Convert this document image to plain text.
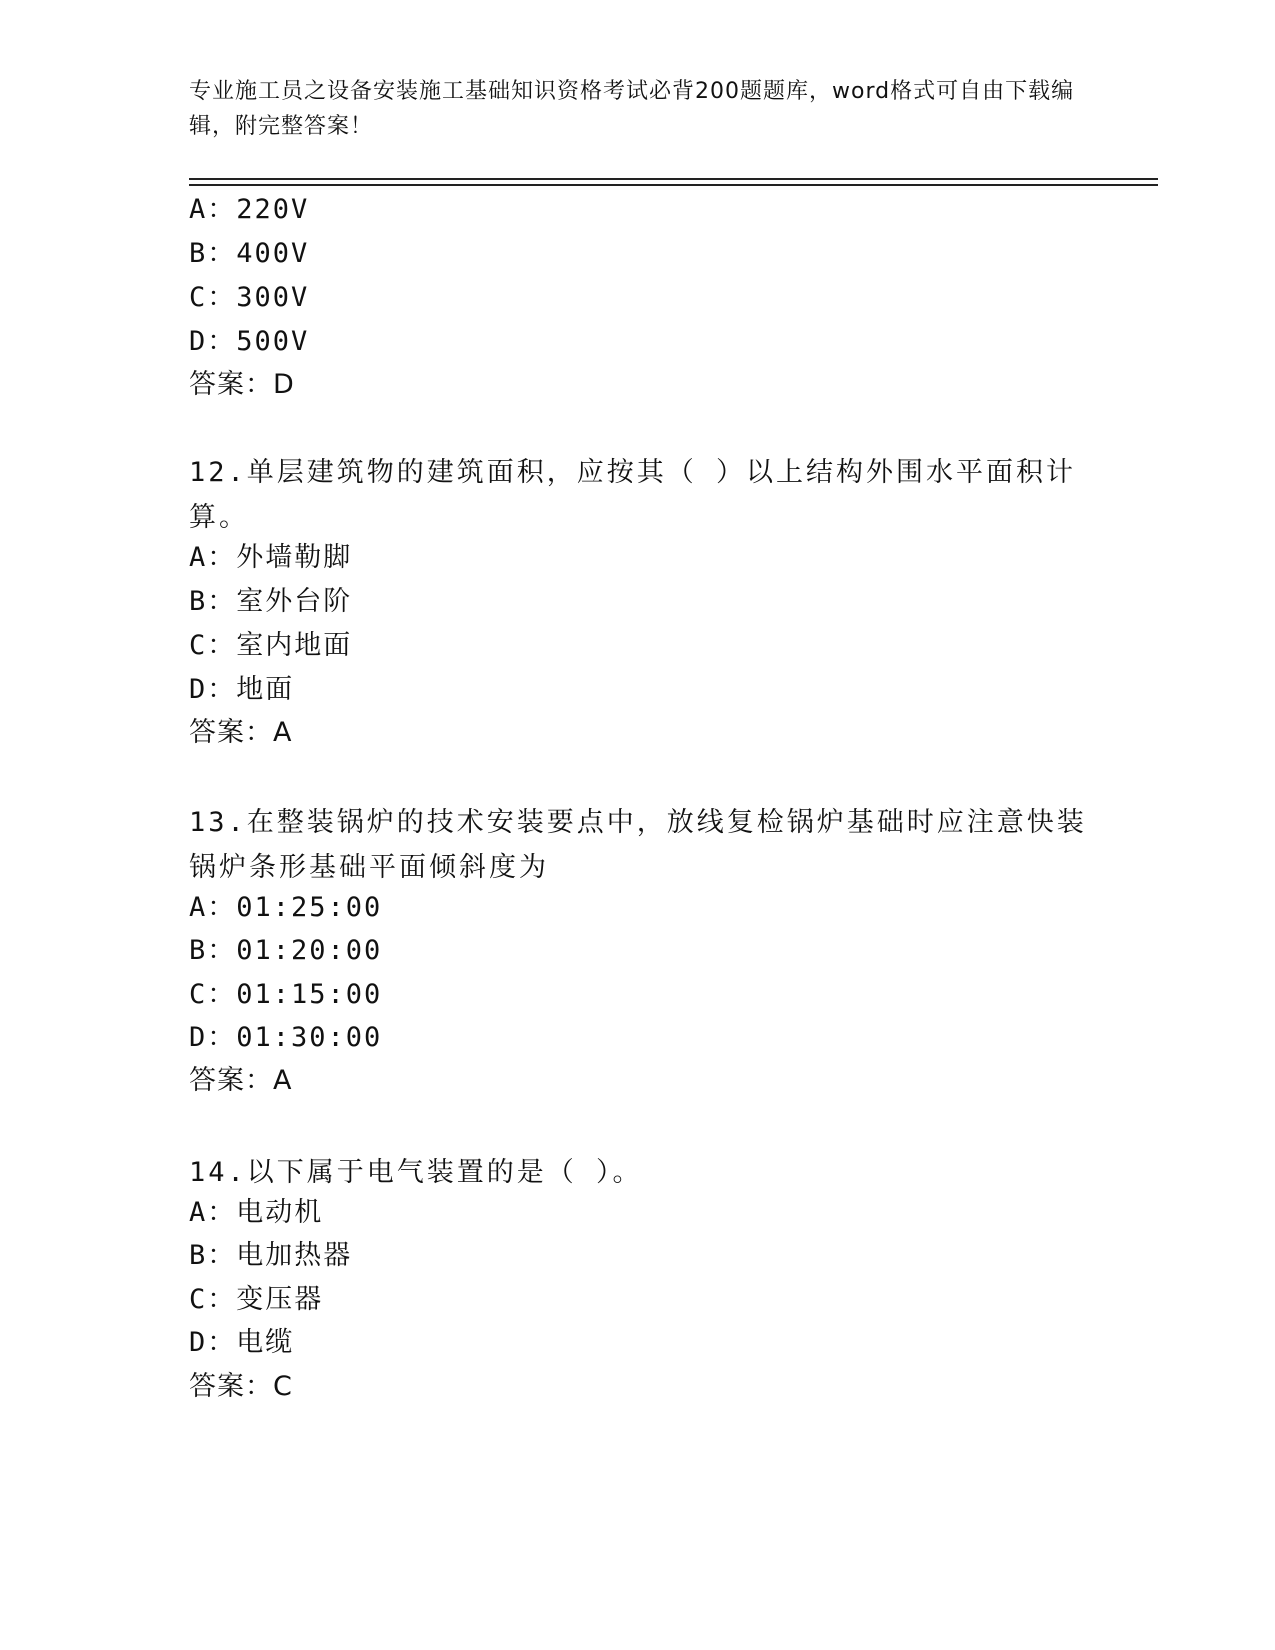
专业施工员之设备安装施工基础知识资格考试必背200题题库，word格式可自由下载编辑，附完整答案！
A：220V
B：400V
C：300V
D：500V
答案：D
12.单层建筑物的建筑面积，应按其（ ）以上结构外围水平面积计算。
A：外墙勒脚
B：室外台阶
C：室内地面
D：地面
答案：A
13.在整装锅炉的技术安装要点中，放线复检锅炉基础时应注意快装锅炉条形基础平面倾斜度为
A：01:25:00
B：01:20:00
C：01:15:00
D：01:30:00
答案：A
14.以下属于电气装置的是（ ）。
A：电动机
B：电加热器
C：变压器
D：电缆
答案：C
